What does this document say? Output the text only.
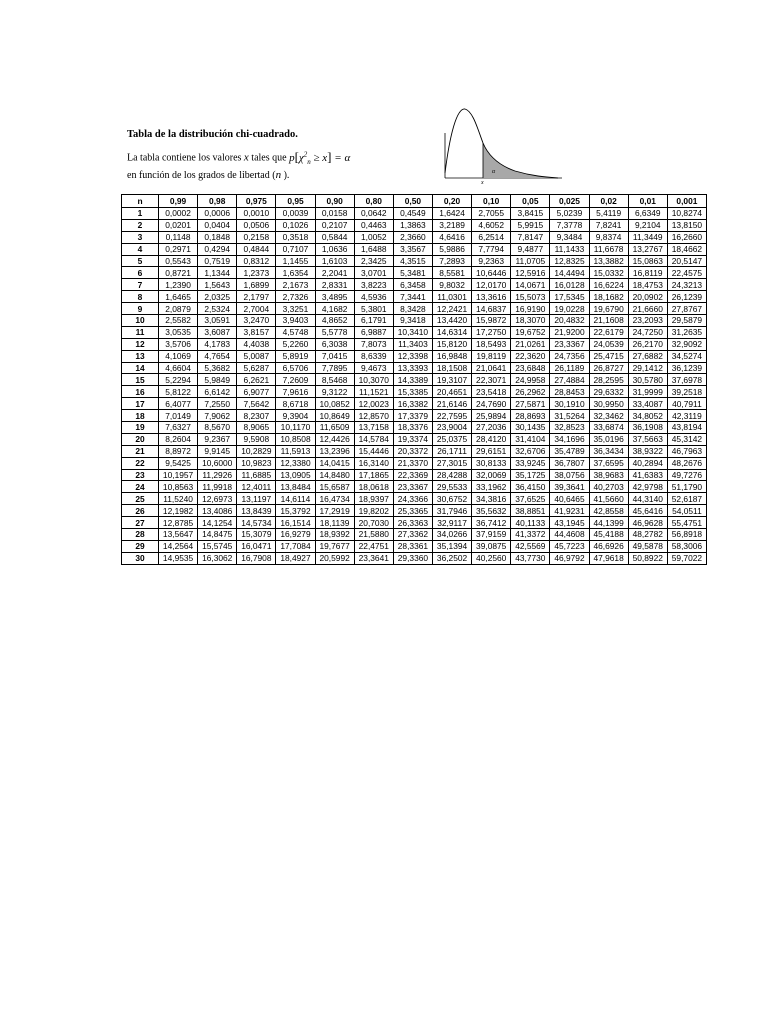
Tabla de la distribución chi-cuadrado.
La tabla contiene los valores x tales que $p[\chi^2_n \ge x] = \alpha$
en función de los grados de libertad (n ).	α
x
n	0,99	0,98	0,975	0,95	0,90	0,80	0,50	0,20	0,10	0,05	0,025	0,02	0,01	0,001
1	0,0002	0,0006	0,0010	0,0039	0,0158	0,0642	0,4549	1,6424	2,7055	3,8415	5,0239	5,4119	6,6349	10,8274
2	0,0201	0,0404	0,0506	0,1026	0,2107	0,4463	1,3863	3,2189	4,6052	5,9915	7,3778	7,8241	9,2104	13,8150
3	0,1148	0,1848	0,2158	0,3518	0,5844	1,0052	2,3660	4,6416	6,2514	7,8147	9,3484	9,8374	11,3449	16,2660
4	0,2971	0,4294	0,4844	0,7107	1,0636	1,6488	3,3567	5,9886	7,7794	9,4877	11,1433	11,6678	13,2767	18,4662
5	0,5543	0,7519	0,8312	1,1455	1,6103	2,3425	4,3515	7,2893	9,2363	11,0705	12,8325	13,3882	15,0863	20,5147
6	0,8721	1,1344	1,2373	1,6354	2,2041	3,0701	5,3481	8,5581	10,6446	12,5916	14,4494	15,0332	16,8119	22,4575
7	1,2390	1,5643	1,6899	2,1673	2,8331	3,8223	6,3458	9,8032	12,0170	14,0671	16,0128	16,6224	18,4753	24,3213
8	1,6465	2,0325	2,1797	2,7326	3,4895	4,5936	7,3441	11,0301	13,3616	15,5073	17,5345	18,1682	20,0902	26,1239
9	2,0879	2,5324	2,7004	3,3251	4,1682	5,3801	8,3428	12,2421	14,6837	16,9190	19,0228	19,6790	21,6660	27,8767
10	2,5582	3,0591	3,2470	3,9403	4,8652	6,1791	9,3418	13,4420	15,9872	18,3070	20,4832	21,1608	23,2093	29,5879
11	3,0535	3,6087	3,8157	4,5748	5,5778	6,9887	10,3410	14,6314	17,2750	19,6752	21,9200	22,6179	24,7250	31,2635
12	3,5706	4,1783	4,4038	5,2260	6,3038	7,8073	11,3403	15,8120	18,5493	21,0261	23,3367	24,0539	26,2170	32,9092
13	4,1069	4,7654	5,0087	5,8919	7,0415	8,6339	12,3398	16,9848	19,8119	22,3620	24,7356	25,4715	27,6882	34,5274
14	4,6604	5,3682	5,6287	6,5706	7,7895	9,4673	13,3393	18,1508	21,0641	23,6848	26,1189	26,8727	29,1412	36,1239
15	5,2294	5,9849	6,2621	7,2609	8,5468	10,3070	14,3389	19,3107	22,3071	24,9958	27,4884	28,2595	30,5780	37,6978
16	5,8122	6,6142	6,9077	7,9616	9,3122	11,1521	15,3385	20,4651	23,5418	26,2962	28,8453	29,6332	31,9999	39,2518
17	6,4077	7,2550	7,5642	8,6718	10,0852	12,0023	16,3382	21,6146	24,7690	27,5871	30,1910	30,9950	33,4087	40,7911
18	7,0149	7,9062	8,2307	9,3904	10,8649	12,8570	17,3379	22,7595	25,9894	28,8693	31,5264	32,3462	34,8052	42,3119
19	7,6327	8,5670	8,9065	10,1170	11,6509	13,7158	18,3376	23,9004	27,2036	30,1435	32,8523	33,6874	36,1908	43,8194
20	8,2604	9,2367	9,5908	10,8508	12,4426	14,5784	19,3374	25,0375	28,4120	31,4104	34,1696	35,0196	37,5663	45,3142
21	8,8972	9,9145	10,2829	11,5913	13,2396	15,4446	20,3372	26,1711	29,6151	32,6706	35,4789	36,3434	38,9322	46,7963
22	9,5425	10,6000	10,9823	12,3380	14,0415	16,3140	21,3370	27,3015	30,8133	33,9245	36,7807	37,6595	40,2894	48,2676
23	10,1957	11,2926	11,6885	13,0905	14,8480	17,1865	22,3369	28,4288	32,0069	35,1725	38,0756	38,9683	41,6383	49,7276
24	10,8563	11,9918	12,4011	13,8484	15,6587	18,0618	23,3367	29,5533	33,1962	36,4150	39,3641	40,2703	42,9798	51,1790
25	11,5240	12,6973	13,1197	14,6114	16,4734	18,9397	24,3366	30,6752	34,3816	37,6525	40,6465	41,5660	44,3140	52,6187
26	12,1982	13,4086	13,8439	15,3792	17,2919	19,8202	25,3365	31,7946	35,5632	38,8851	41,9231	42,8558	45,6416	54,0511
27	12,8785	14,1254	14,5734	16,1514	18,1139	20,7030	26,3363	32,9117	36,7412	40,1133	43,1945	44,1399	46,9628	55,4751
28	13,5647	14,8475	15,3079	16,9279	18,9392	21,5880	27,3362	34,0266	37,9159	41,3372	44,4608	45,4188	48,2782	56,8918
29	14,2564	15,5745	16,0471	17,7084	19,7677	22,4751	28,3361	35,1394	39,0875	42,5569	45,7223	46,6926	49,5878	58,3006
30	14,9535	16,3062	16,7908	18,4927	20,5992	23,3641	29,3360	36,2502	40,2560	43,7730	46,9792	47,9618	50,8922	59,7022
